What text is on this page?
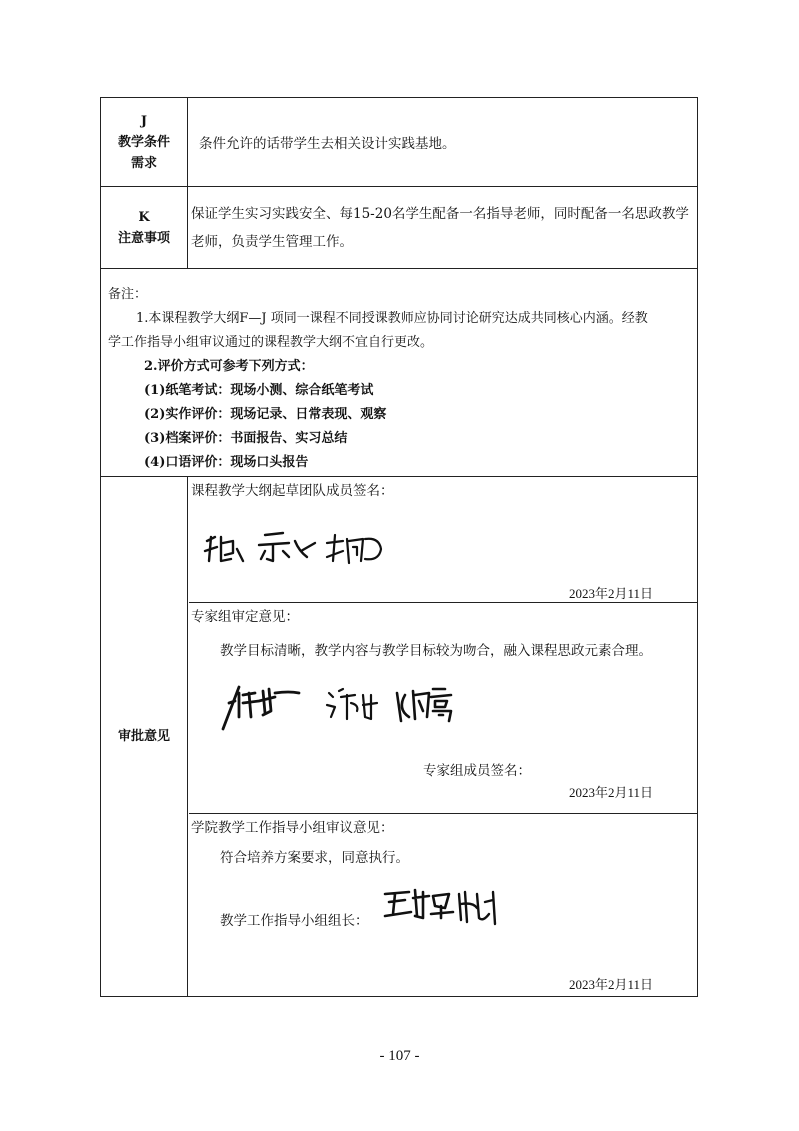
J
教学条件
需求
条件允许的话带学生去相关设计实践基地。
K
注意事项
保证学生实习实践安全、每15-20名学生配备一名指导老师，同时配备一名思政教学
老师，负责学生管理工作。
备注：
1.本课程教学大纲F—J 项同一课程不同授课教师应协同讨论研究达成共同核心内涵。经教
学工作指导小组审议通过的课程教学大纲不宜自行更改。
2.评价方式可参考下列方式：
(1)纸笔考试：现场小测、综合纸笔考试
(2)实作评价：现场记录、日常表现、观察
(3)档案评价：书面报告、实习总结
(4)口语评价：现场口头报告
审批意见
课程教学大纲起草团队成员签名：
2023年2月11日
专家组审定意见：
教学目标清晰，教学内容与教学目标较为吻合，融入课程思政元素合理。
专家组成员签名：
2023年2月11日
学院教学工作指导小组审议意见：
符合培养方案要求，同意执行。
教学工作指导小组组长：
2023年2月11日
- 107 -
